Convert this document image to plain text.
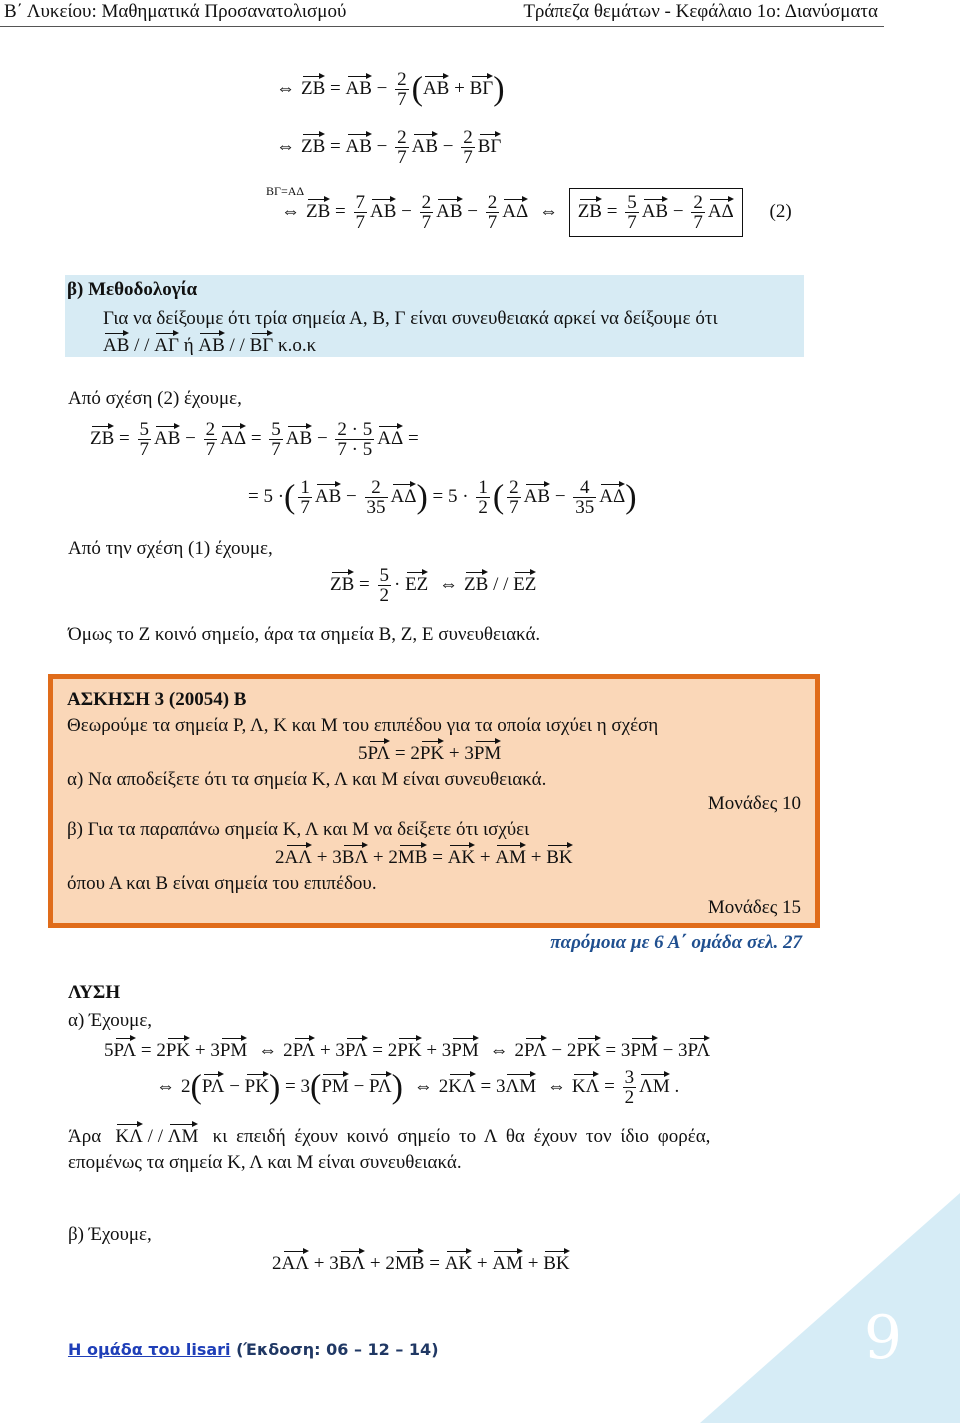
Β΄ Λυκείου: Μαθηματικά Προσανατολισμού	Τράπεζα θεμάτων - Κεφάλαιο 1ο: Διανύσματα
⇔ $ZB = AB - \frac{2}{7} (AB + B\Gamma)$
⇔ $ZB = AB - \frac{2}{7}$ $AB - \frac{2}{7}$ ΒΓ
ΒΓ=ΑΔ
⇔ $ZB = \frac{7}{7}$ $AB - \frac{2}{7}$ $AB - \frac{2}{7}$ ΑΔ ⇔ $ZB = \frac{5}{7}$ $AB - \frac{2}{7}$ ΑΔ (2)
β) Μεθοδολογία
Για να δείξουμε ότι τρία σημεία Α, Β, Γ είναι συνευθειακά αρκεί να δείξουμε ότι
ΑΒ / / ΑΓ ή ΑΒ / / ΒΓ κ.ο.κ
Από σχέση (2) έχουμε,
$ZB = \frac{5}{7}$ $AB - \frac{2}{7}$ $A\Delta = \frac{5}{7}$ $AB - \frac{2 \cdot 5}{7 \cdot 5}$ ΑΔ =
= 5 ·( $\frac{1}{7}$ $AB - \frac{2}{35} A\Delta) = 5 \cdot \frac{1}{2}$ ( $\frac{2}{7}$ $AB - \frac{4}{35} A\Delta$)
Από την σχέση (1) έχουμε,
$ZB = \frac{5}{2} \cdot EZ$ ⇔ ΖΒ / / ΕΖ
Όμως το Ζ κοινό σημείο, άρα τα σημεία Β, Ζ, Ε συνευθειακά.
ΑΣΚΗΣΗ 3 (20054) Β
Θεωρούμε τα σημεία Ρ, Λ, Κ και Μ του επιπέδου για τα οποία ισχύει η σχέση
5ΡΛ = 2ΡΚ + 3ΡΜ
α) Να αποδείξετε ότι τα σημεία Κ, Λ και Μ είναι συνευθειακά.
Μονάδες 10
β) Για τα παραπάνω σημεία Κ, Λ και Μ να δείξετε ότι ισχύει
2ΑΛ + 3ΒΛ + 2ΜΒ = ΑΚ + ΑΜ + ΒΚ
όπου Α και Β είναι σημεία του επιπέδου.
Μονάδες 15
παρόμοια με 6 Α΄ ομάδα σελ. 27
ΛΥΣΗ
α) Έχουμε,
5ΡΛ = 2ΡΚ + 3ΡΜ ⇔ 2ΡΛ + 3ΡΛ = 2ΡΚ + 3ΡΜ ⇔ 2ΡΛ − 2ΡΚ = 3ΡΜ − 3ΡΛ
⇔ 2(ΡΛ − ΡΚ) = 3(ΡΜ − ΡΛ) ⇔ 2ΚΛ = 3ΛΜ ⇔ $K\Lambda = \frac{3}{2}$ ΛΜ .
Άρα ΚΛ / / ΛΜ κι επειδή έχουν κοινό σημείο το Λ θα έχουν τον ίδιο φορέα,
επομένως τα σημεία Κ, Λ και Μ είναι συνευθειακά.
β) Έχουμε,
2ΑΛ + 3ΒΛ + 2ΜΒ = ΑΚ + ΑΜ + ΒΚ
Η ομάδα του lisari (Έκδοση: 06 – 12 – 14)	9
